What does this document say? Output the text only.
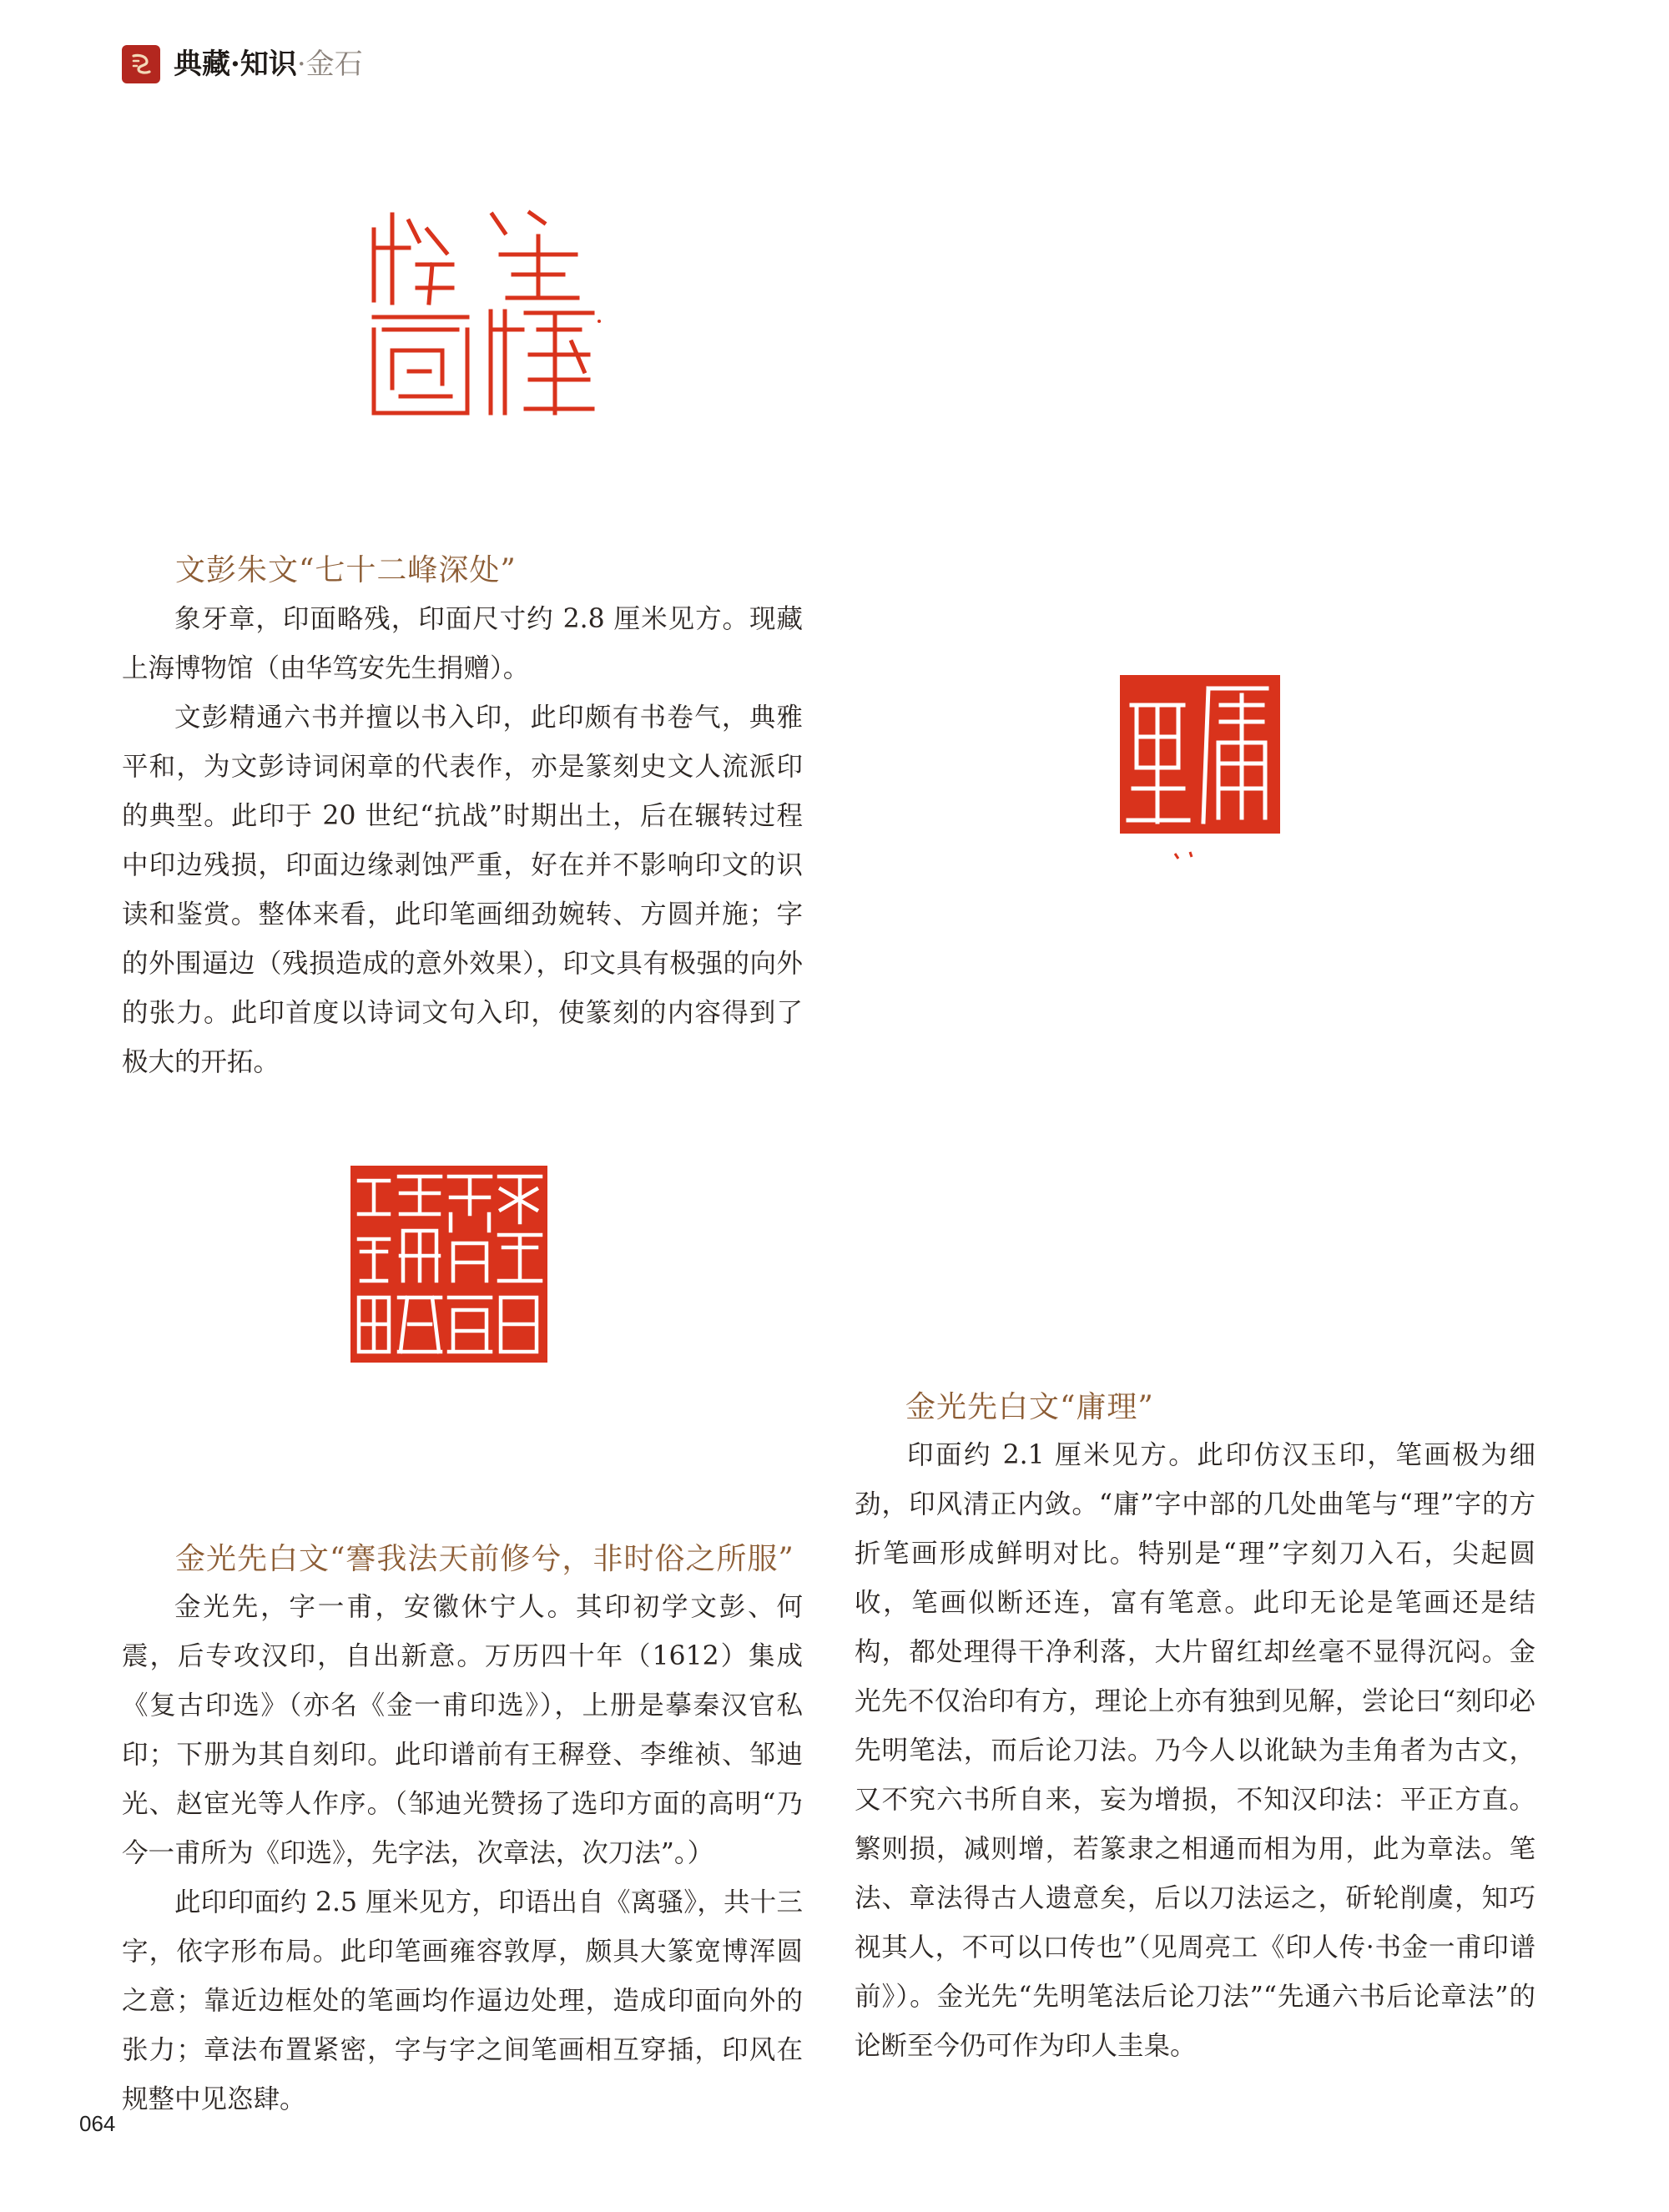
典藏·知识·金石
文彭朱文“七十二峰深处”

象牙章，印面略残，印面尺寸约 2.8 厘米见方。现藏上海博物馆（由华笃安先生捐赠）。

文彭精通六书并擅以书入印，此印颇有书卷气，典雅平和，为文彭诗词闲章的代表作，亦是篆刻史文人流派印的典型。此印于 20 世纪“抗战”时期出土，后在辗转过程中印边残损，印面边缘剥蚀严重，好在并不影响印文的识读和鉴赏。整体来看，此印笔画细劲婉转、方圆并施；字的外围逼边（残损造成的意外效果），印文具有极强的向外的张力。此印首度以诗词文句入印，使篆刻的内容得到了极大的开拓。

金光先白文“庸理”

印面约 2.1 厘米见方。此印仿汉玉印，笔画极为细劲，印风清正内敛。“庸”字中部的几处曲笔与“理”字的方折笔画形成鲜明对比。特别是“理”字刻刀入石，尖起圆收，笔画似断还连，富有笔意。此印无论是笔画还是结构，都处理得干净利落，大片留红却丝毫不显得沉闷。金光先不仅治印有方，理论上亦有独到见解，尝论曰“刻印必先明笔法，而后论刀法。乃今人以讹缺为圭角者为古文，又不究六书所自来，妄为增损，不知汉印法：平正方直。繁则损，减则增，若篆隶之相通而相为用，此为章法。笔法、章法得古人遗意矣，后以刀法运之，斫轮削虞，知巧视其人，不可以口传也”（见周亮工《印人传·书金一甫印谱前》）。金光先“先明笔法后论刀法”“先通六书后论章法”的论断至今仍可作为印人圭臬。

金光先白文“謇我法天前修兮，非时俗之所服”

金光先，字一甫，安徽休宁人。其印初学文彭、何震，后专攻汉印，自出新意。万历四十年（1612）集成《复古印选》（亦名《金一甫印选》），上册是摹秦汉官私印；下册为其自刻印。此印谱前有王稺登、李维祯、邹迪光、赵宦光等人作序。（邹迪光赞扬了选印方面的高明“乃今一甫所为《印选》，先字法，次章法，次刀法”。）

此印印面约 2.5 厘米见方，印语出自《离骚》，共十三字，依字形布局。此印笔画雍容敦厚，颇具大篆宽博浑圆之意；靠近边框处的笔画均作逼边处理，造成印面向外的张力；章法布置紧密，字与字之间笔画相互穿插，印风在规整中见恣肆。

064
